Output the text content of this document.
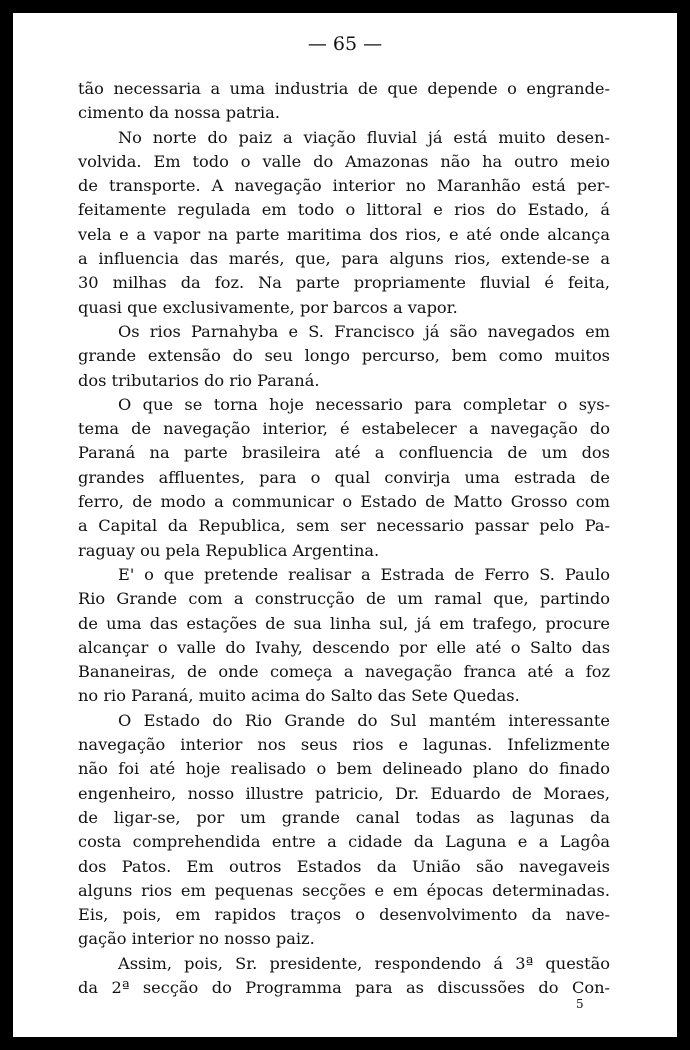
— 65 —
tão necessaria a uma industria de que depende o engrande-
cimento da nossa patria.
No norte do paiz a viação fluvial já está muito desen-
volvida. Em todo o valle do Amazonas não ha outro meio
de transporte. A navegação interior no Maranhão está per-
feitamente regulada em todo o littoral e rios do Estado, á
vela e a vapor na parte maritima dos rios, e até onde alcança
a influencia das marés, que, para alguns rios, extende-se a
30 milhas da foz. Na parte propriamente fluvial é feita,
quasi que exclusivamente, por barcos a vapor.
Os rios Parnahyba e S. Francisco já são navegados em
grande extensão do seu longo percurso, bem como muitos
dos tributarios do rio Paraná.
O que se torna hoje necessario para completar o sys-
tema de navegação interior, é estabelecer a navegação do
Paraná na parte brasileira até a confluencia de um dos
grandes affluentes, para o qual convirja uma estrada de
ferro, de modo a communicar o Estado de Matto Grosso com
a Capital da Republica, sem ser necessario passar pelo Pa-
raguay ou pela Republica Argentina.
E' o que pretende realisar a Estrada de Ferro S. Paulo
Rio Grande com a construcção de um ramal que, partindo
de uma das estações de sua linha sul, já em trafego, procure
alcançar o valle do Ivahy, descendo por elle até o Salto das
Bananeiras, de onde começa a navegação franca até a foz
no rio Paraná, muito acima do Salto das Sete Quedas.
O Estado do Rio Grande do Sul mantém interessante
navegação interior nos seus rios e lagunas. Infelizmente
não foi até hoje realisado o bem delineado plano do finado
engenheiro, nosso illustre patricio, Dr. Eduardo de Moraes,
de ligar-se, por um grande canal todas as lagunas da
costa comprehendida entre a cidade da Laguna e a Lagôa
dos Patos. Em outros Estados da União são navegaveis
alguns rios em pequenas secções e em épocas determinadas.
Eis, pois, em rapidos traços o desenvolvimento da nave-
gação interior no nosso paiz.
Assim, pois, Sr. presidente, respondendo á 3ª questão
da 2ª secção do Programma para as discussões do Con-
5
